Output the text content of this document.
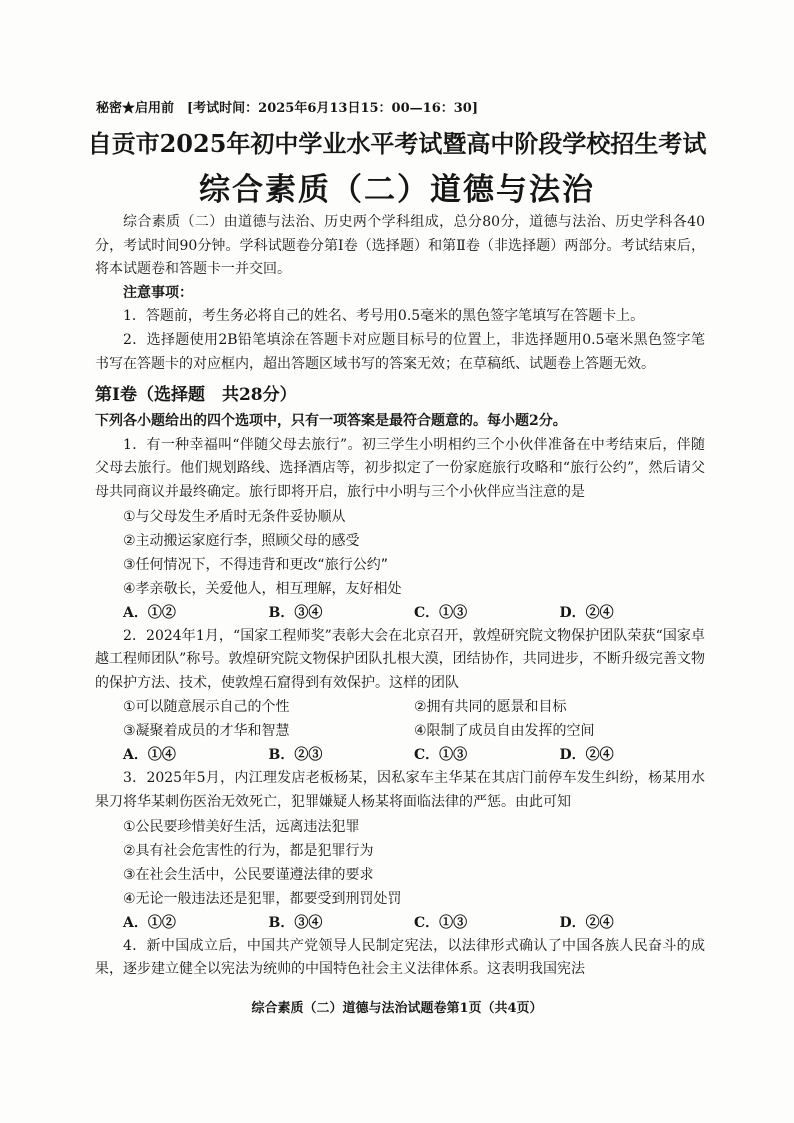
秘密★启用前　[考试时间：2025年6月13日15：00—16：30]
自贡市2025年初中学业水平考试暨高中阶段学校招生考试
综合素质（二）道德与法治

综合素质（二）由道德与法治、历史两个学科组成，总分80分，道德与法治、历史学科各40分，考试时间90分钟。学科试题卷分第Ⅰ卷（选择题）和第Ⅱ卷（非选择题）两部分。考试结束后，将本试题卷和答题卡一并交回。

注意事项：

1．答题前，考生务必将自己的姓名、考号用0.5毫米的黑色签字笔填写在答题卡上。

2．选择题使用2B铅笔填涂在答题卡对应题目标号的位置上，非选择题用0.5毫米黑色签字笔书写在答题卡的对应框内，超出答题区域书写的答案无效；在草稿纸、试题卷上答题无效。

第Ⅰ卷（选择题　共28分）

下列各小题给出的四个选项中，只有一项答案是最符合题意的。每小题2分。

1．有一种幸福叫“伴随父母去旅行”。初三学生小明相约三个小伙伴准备在中考结束后，伴随父母去旅行。他们规划路线、选择酒店等，初步拟定了一份家庭旅行攻略和“旅行公约”，然后请父母共同商议并最终确定。旅行即将开启，旅行中小明与三个小伙伴应当注意的是

①与父母发生矛盾时无条件妥协顺从

②主动搬运家庭行李，照顾父母的感受

③任何情况下，不得违背和更改“旅行公约”

④孝亲敬长，关爱他人，相互理解，友好相处

A．①②	B．③④	C．①③	D．②④

2．2024年1月，“国家工程师奖”表彰大会在北京召开，敦煌研究院文物保护团队荣获“国家卓越工程师团队”称号。敦煌研究院文物保护团队扎根大漠，团结协作，共同进步，不断升级完善文物的保护方法、技术，使敦煌石窟得到有效保护。这样的团队

①可以随意展示自己的个性	②拥有共同的愿景和目标
③凝聚着成员的才华和智慧	④限制了成员自由发挥的空间
A．①④	B．②③	C．①③	D．②④

3．2025年5月，内江理发店老板杨某，因私家车主华某在其店门前停车发生纠纷，杨某用水果刀将华某刺伤医治无效死亡，犯罪嫌疑人杨某将面临法律的严惩。由此可知

①公民要珍惜美好生活，远离违法犯罪

②具有社会危害性的行为，都是犯罪行为

③在社会生活中，公民要谨遵法律的要求

④无论一般违法还是犯罪，都要受到刑罚处罚

A．①②	B．③④	C．①③	D．②④

4．新中国成立后，中国共产党领导人民制定宪法，以法律形式确认了中国各族人民奋斗的成果，逐步建立健全以宪法为统帅的中国特色社会主义法律体系。这表明我国宪法

综合素质（二）道德与法治试题卷第1页（共4页）
